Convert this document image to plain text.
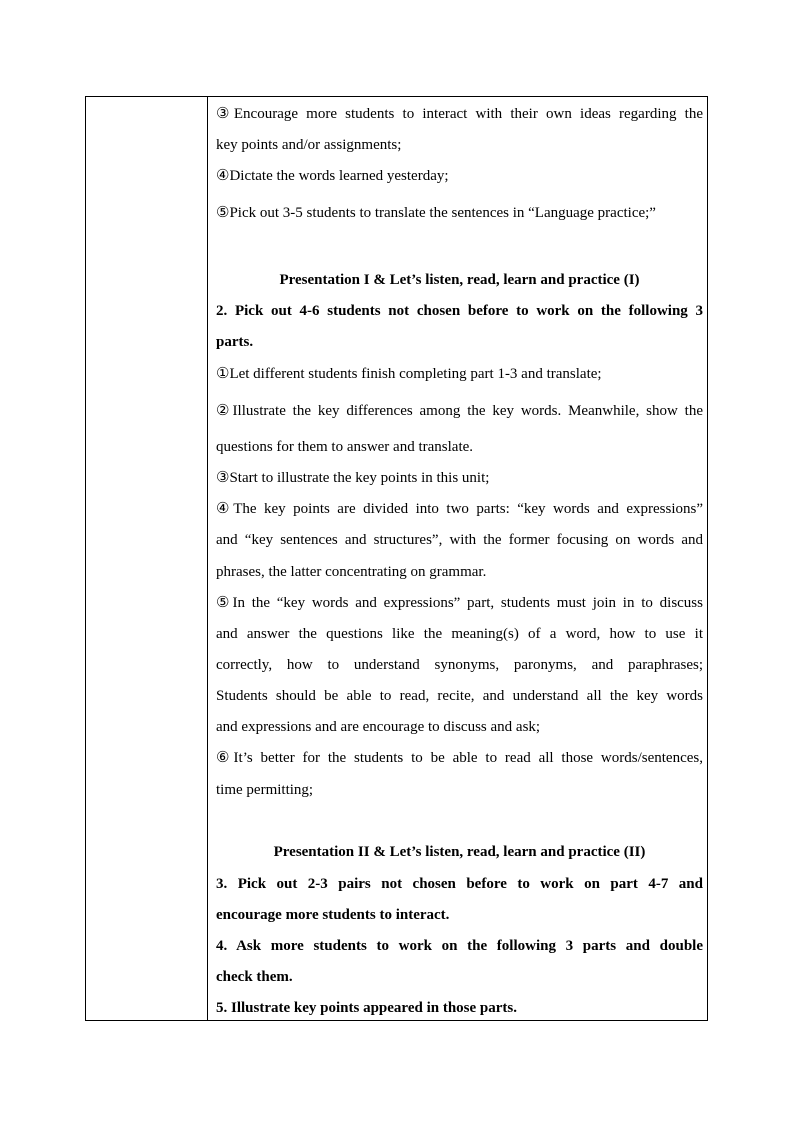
③Encourage more students to interact with their own ideas regarding the
key points and/or assignments;
④Dictate the words learned yesterday;
⑤Pick out 3-5 students to translate the sentences in “Language practice;”
Presentation I & Let’s listen, read, learn and practice (I)
2. Pick out 4-6 students not chosen before to work on the following 3
parts.
①Let different students finish completing part 1-3 and translate;
②Illustrate the key differences among the key words. Meanwhile, show the
questions for them to answer and translate.
③Start to illustrate the key points in this unit;
④The key points are divided into two parts: “key words and expressions”
and “key sentences and structures”, with the former focusing on words and
phrases, the latter concentrating on grammar.
⑤In the “key words and expressions” part, students must join in to discuss
and answer the questions like the meaning(s) of a word, how to use it
correctly, how to understand synonyms, paronyms, and paraphrases;
Students should be able to read, recite, and understand all the key words
and expressions and are encourage to discuss and ask;
⑥It’s better for the students to be able to read all those words/sentences,
time permitting;
Presentation II & Let’s listen, read, learn and practice (II)
3. Pick out 2-3 pairs not chosen before to work on part 4-7 and
encourage more students to interact.
4. Ask more students to work on the following 3 parts and double
check them.
5. Illustrate key points appeared in those parts.
